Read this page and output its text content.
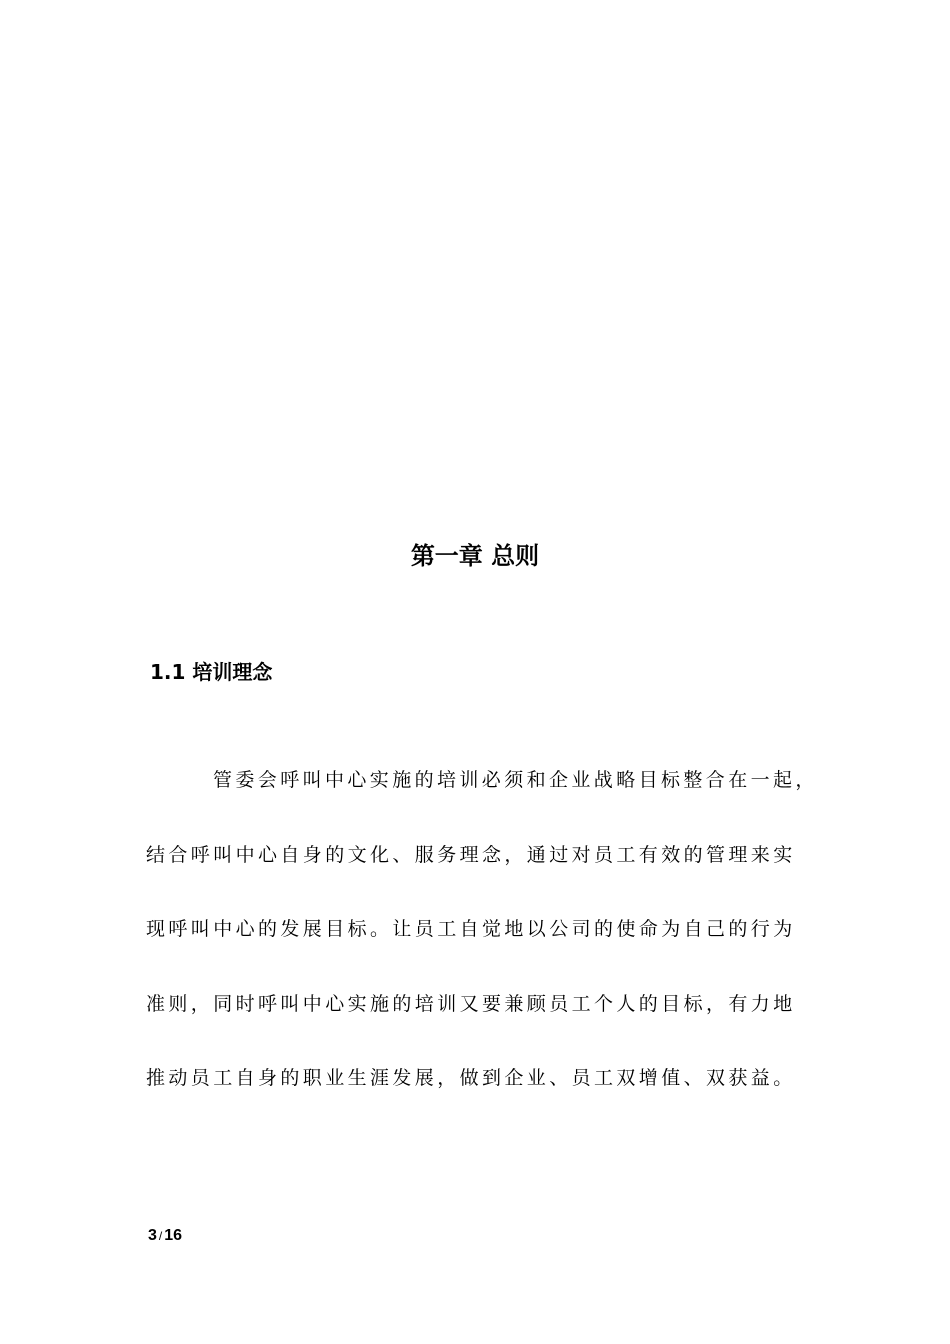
第一章 总则
1.1 培训理念

管委会呼叫中心实施的培训必须和企业战略目标整合在一起，
结合呼叫中心自身的文化、服务理念，通过对员工有效的管理来实
现呼叫中心的发展目标。让员工自觉地以公司的使命为自己的行为
准则，同时呼叫中心实施的培训又要兼顾员工个人的目标，有力地
推动员工自身的职业生涯发展，做到企业、员工双增值、双获益。

3 / 16
